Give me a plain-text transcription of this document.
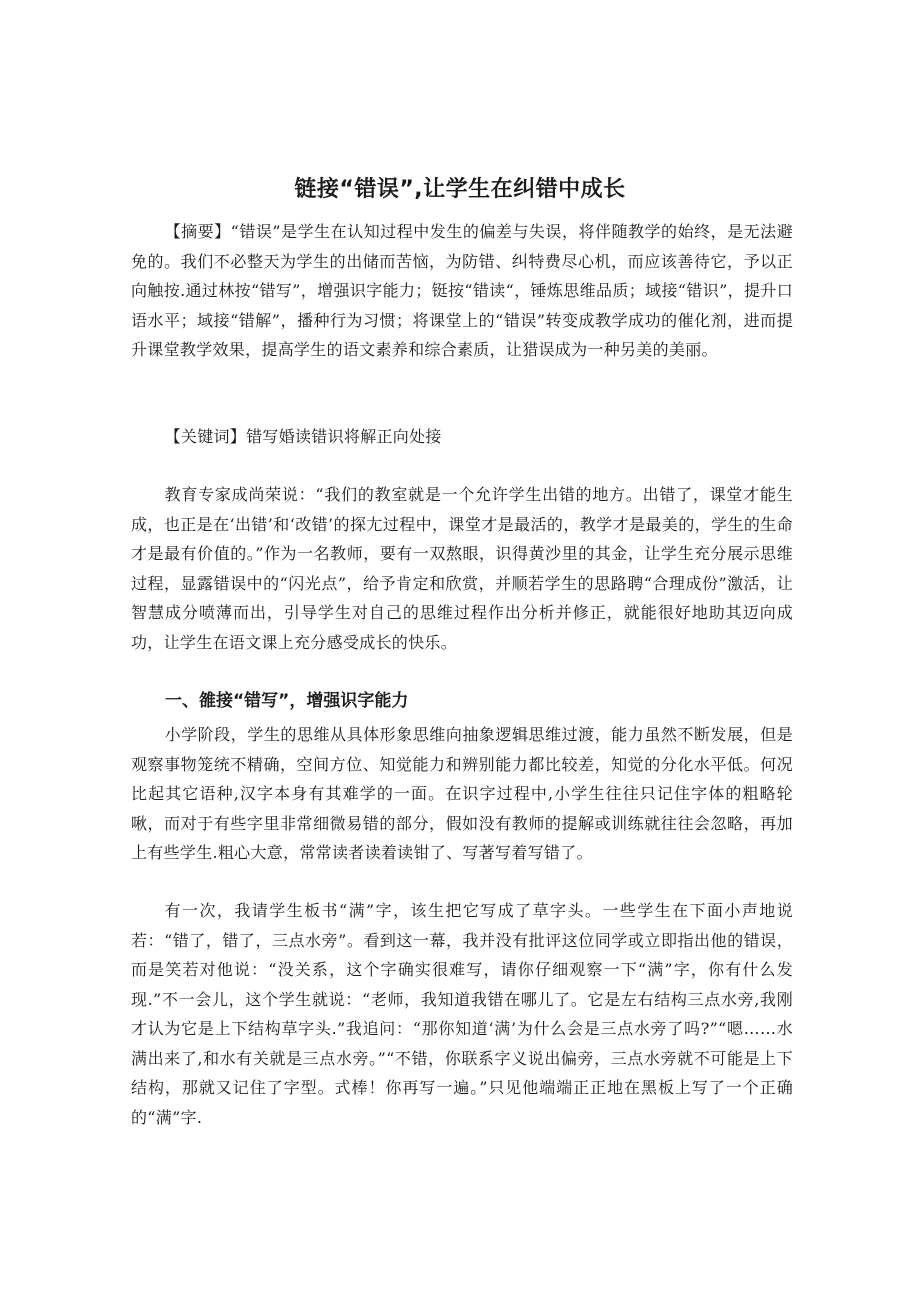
链接“错误”,让学生在纠错中成长

【摘要】“错误”是学生在认知过程中发生的偏差与失误，将伴随教学的始终，是无法避免的。我们不必整天为学生的出储而苦恼，为防错、纠特费尽心机，而应该善待它，予以正向触按.通过林按“错写”，增强识字能力；铤按“错读“，锤炼思维品质；域接“错识”，提升口语水平；域接“错解”，播种行为习惯；将课堂上的“错误”转变成教学成功的催化剂，进而提升课堂教学效果，提高学生的语文素养和综合素质，让猎误成为一种另美的美丽。

【关键词】错写婚读错识将解正向处接

教育专家成尚荣说：“我们的教室就是一个允许学生出错的地方。出错了，课堂才能生成，也正是在‘出错’和‘改错’的探尢过程中，课堂才是最活的，教学才是最美的，学生的生命才是最有价值的。”作为一名教师，要有一双熬眼，识得黄沙里的其金，让学生充分展示思维过程，显露错误中的“闪光点”，给予肯定和欣赏，并顺若学生的思路聘“合理成份”激活，让智慧成分喷薄而出，引导学生对自己的思维过程作出分析并修正，就能很好地助其迈向成功，让学生在语文课上充分感受成长的快乐。

一、雒接“错写”，增强识字能力

小学阶段，学生的思维从具体形象思维向抽象逻辑思维过渡，能力虽然不断发展，但是观察事物笼统不精确，空间方位、知觉能力和辨别能力都比较差，知觉的分化水平低。何况比起其它语种,汉字本身有其难学的一面。在识字过程中,小学生往往只记住字体的粗略轮啾，而对于有些字里非常细微易错的部分，假如没有教师的提解或训练就往往会忽略，再加上有些学生.粗心大意，常常读者读着读钳了、写著写着写错了。

有一次，我请学生板书“满”字，该生把它写成了草字头。一些学生在下面小声地说若：“错了，错了，三点水旁”。看到这一幕，我并没有批评这位同学或立即指出他的错误，而是笑若对他说：“没关系，这个字确实很难写，请你仔细观察一下“满”字，你有什么发现.”不一会儿，这个学生就说：“老师，我知道我错在哪儿了。它是左右结构三点水旁,我刚才认为它是上下结构草字头.”我追问：“那你知道‘满’为什么会是三点水旁了吗?”“嗯……水满出来了,和水有关就是三点水旁。”“不错，你联系字义说出偏旁，三点水旁就不可能是上下结构，那就又记住了字型。式棒！你再写一遍。”只见他端端正正地在黑板上写了一个正确的“满”字.
